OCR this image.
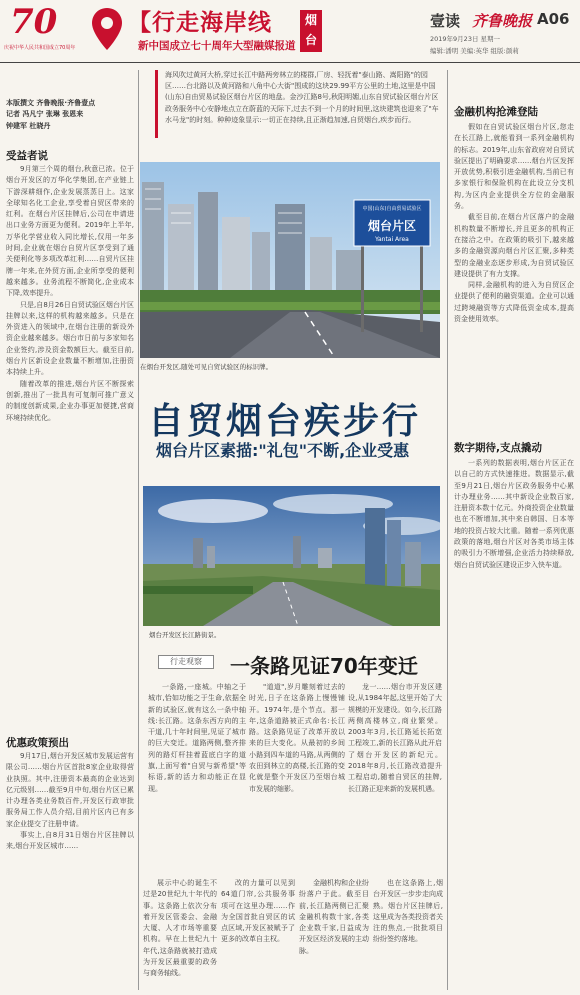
70
庆祝中华人民共和国成立70周年
【行走海岸线	烟台
新中国成立七十周年大型融媒报道
壹读 齐鲁晚报 A06
2019年9月23日 星期一
编辑:潘明 美编:英华 组版:颜莉
本版撰文 齐鲁晚报·齐鲁壹点
记者 冯凡宁 张琳 张恩来
钟建军 杜晓丹
受益者说

9月第三个周的烟台,秋意已浓。位于烟台开发区的万华化学集团,在产业链上下游深耕细作,企业发展蒸蒸日上。这家全球知名化工企业,享受着自贸区带来的红利。在烟台片区挂牌后,公司在申请进出口业务方面更为便利。2019年上半年,万华化学营业收入同比增长,仅用一年多时间,企业就在烟台自贸片区享受到了通关便利化等多项改革红利……自贸片区挂牌一年来,在外贸方面,企业所享受的便利越来越多。业务流程不断简化,企业成本下降,效率提升。

只是,自8月26日自贸试验区烟台片区挂牌以来,这样的机构越来越多。只是在外资进入的领域中,在烟台注册的新设外资企业越来越多。烟台市日前与多家知名企业签约,涉及资金数额巨大。截至目前,烟台片区新设企业数量不断增加,注册资本持续上升。

随着改革的推进,烟台片区不断探索创新,推出了一批具有可复制可推广意义的制度创新成果,企业办事更加便捷,营商环境持续优化。

优惠政策预出

9月17日,烟台开发区城市发展运营有限公司……烟台片区首批8家企业取得营业执照。其中,注册资本最高的企业达到亿元级别……截至9月中旬,烟台片区已累计办理各类业务数百件,开发区行政审批服务局工作人员介绍,目前片区内已有多家企业提交了注册申请。

事实上,自8月31日烟台片区挂牌以来,烟台开发区城市……

海风吹过黄河大桥,穿过长江中路两旁林立的楼群,厂房、轻抚着"泰山路、嵩阳路"的园区……台北路以及黄河路和八角中心大街"围成的这块29.99平方公里的土地,这里是中国(山东)自由贸易试验区烟台片区的地盘。金沙江路8号,秋阳明媚,山东自贸试验区烟台片区政务服务中心安静地点立在蔚蓝的天际下,过去不到一个月的时间里,这块建筑也迎来了"车水马龙"的时刻。种种迹象显示:一切正在持续,且正渐趋加速,自贸烟台,疾步而行。
中国(山东)自由贸易试验区
烟台片区
Yantai Area
在烟台开发区,随处可见自贸试验区的标识牌。
自贸烟台疾步行
烟台片区素描:"礼包"不断,企业受惠
烟台开发区长江路街景。
行走观察	一条路见证70年变迁

一条路,一座城。中轴之于城市,恰如功能之于生命,依据全新的试验区,就有这么一条中轴线:长江路。这条东西方向的主干道,几十年时间里,见证了城市的巨大变迁。道路两侧,整齐排列的路灯杆挂着蓝底白字的道旗,上面写着"自贸与新希望"等标语,新的活力和动能正在显现。

"道道",岁月雕刻着过去的时光,日子在这条路上慢慢铺开。1974年,是个节点。那一年,这条道路被正式命名:长江路。这条路见证了改革开放以来的巨大变化。从最初的乡间小路到四车道的马路,从两侧的农田到林立的高楼,长江路的变化就是整个开发区乃至烟台城市发展的缩影。

龙一……烟台市开发区建设,从1984年起,这里开始了大规模的开发建设。如今,长江路两侧高楼林立,商业繁荣。2003年3月,长江路延长拓宽工程竣工,新的长江路从此开启了烟台开发区的新纪元。2018年8月,长江路改造提升工程启动,随着自贸区的挂牌,长江路正迎来新的发展机遇。

展示中心的诞生不过是20世纪九十年代的事。这条路上依次分布着开发区管委会、金融大厦、人才市场等重要机构。早在上世纪九十年代,这条路就被打造成为开发区最重要的政务与商务轴线。

改的力量可以见到64道门帘,公共服务事项可在这里办理……作为全国首批自贸区的试点区域,开发区被赋予了更多的改革自主权。

金融机构和企业纷纷落户于此。截至目前,长江路两侧已汇聚金融机构数十家,各类企业数千家,日益成为开发区经济发展的主动脉。

也在这条路上,烟台开发区一步步走向成熟。烟台片区挂牌后,这里成为各类投资者关注的焦点,一批批项目纷纷签约落地。

金融机构抢滩登陆

假如在自贸试验区烟台片区,您走在长江路上,就能看到一系列金融机构的标志。2019年,山东省政府对自贸试验区提出了明确要求……烟台片区发挥开放优势,积极引进金融机构,当前已有多家银行和保险机构在此设立分支机构,为区内企业提供全方位的金融服务。

截至目前,在烟台片区落户的金融机构数量不断增长,并且更多的机构正在接洽之中。在政策的吸引下,越来越多的金融资源向烟台片区汇聚,多种类型的金融业态逐步形成,为自贸试验区建设提供了有力支撑。

同样,金融机构的进入为自贸区企业提供了便利的融资渠道。企业可以通过跨境融资等方式降低资金成本,提高资金使用效率。

数字期待,支点撬动

一系列的数据表明,烟台片区正在以自己的方式快速推进。数据显示,截至9月21日,烟台片区政务服务中心累计办理业务……其中新设企业数百家,注册资本数十亿元。外商投资企业数量也在不断增加,其中来自韩国、日本等地的投资占较大比重。随着一系列优惠政策的落地,烟台片区对各类市场主体的吸引力不断增强,企业活力持续释放,烟台自贸试验区建设正步入快车道。
